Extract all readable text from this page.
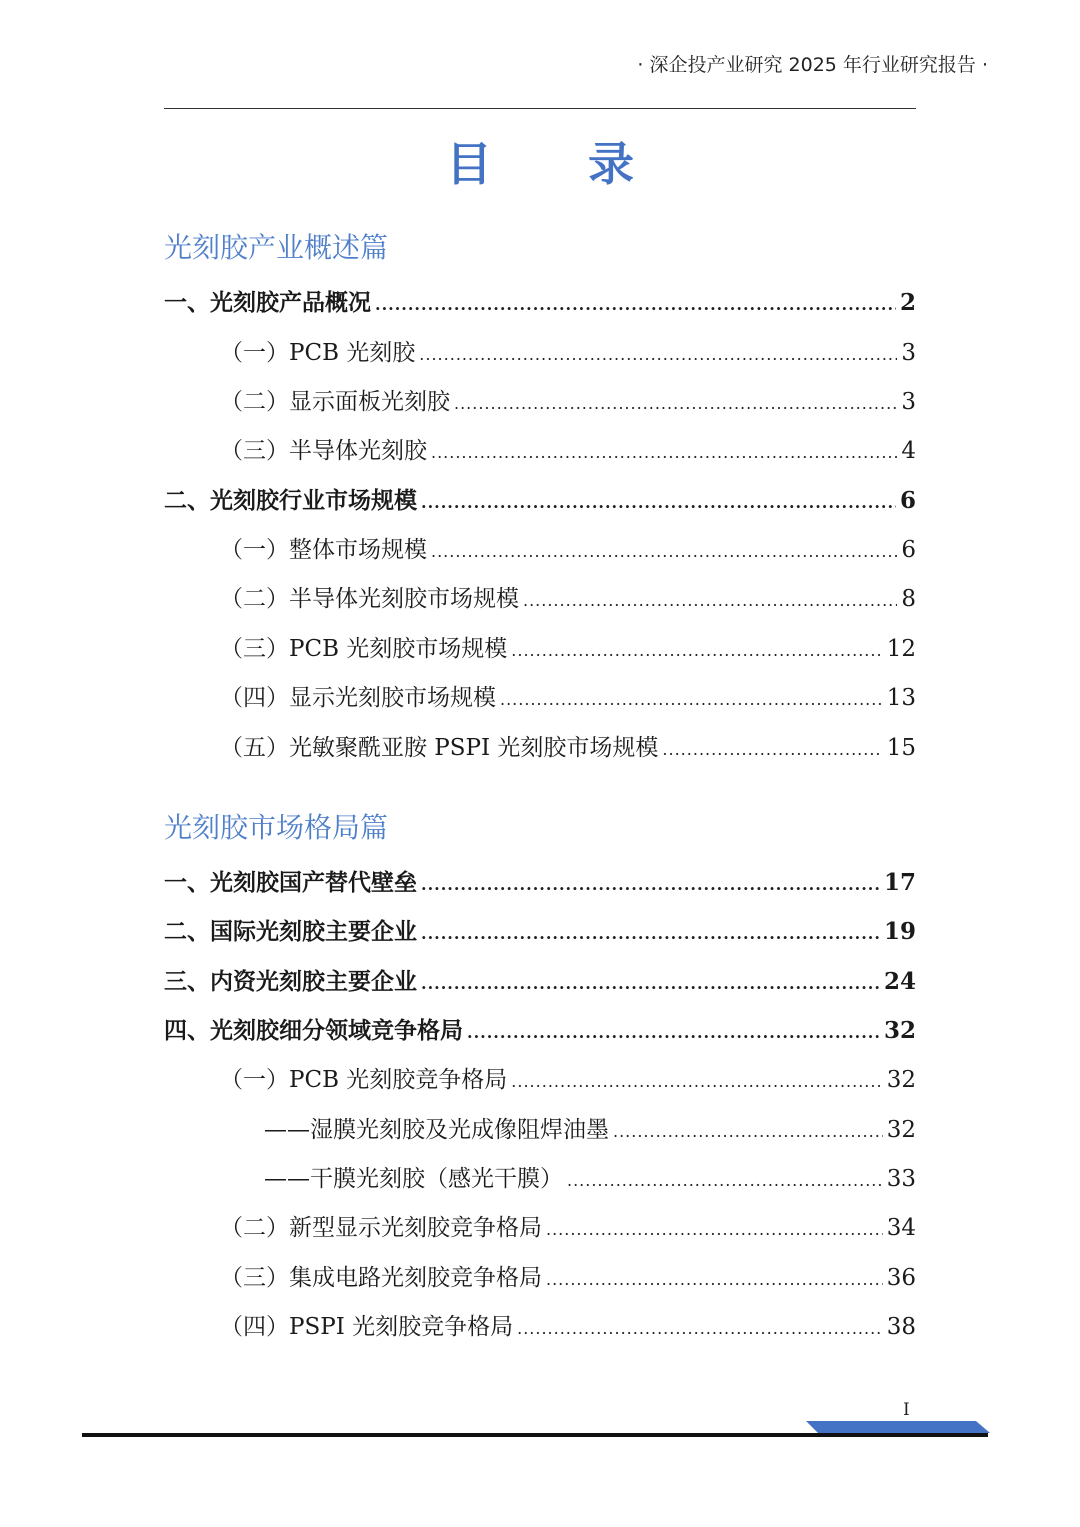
· 深企投产业研究 2025 年行业研究报告 ·
目 录
光刻胶产业概述篇
一、光刻胶产品概况 .....	2
（一）PCB 光刻胶 .....	3
（二）显示面板光刻胶 .....	3
（三）半导体光刻胶 .....	4
二、光刻胶行业市场规模 .....	6
（一）整体市场规模 .....	6
（二）半导体光刻胶市场规模 .....	8
（三）PCB 光刻胶市场规模 .....	12
（四）显示光刻胶市场规模 .....	13
（五）光敏聚酰亚胺 PSPI 光刻胶市场规模 .....	15
光刻胶市场格局篇
一、光刻胶国产替代壁垒 .....	17
二、国际光刻胶主要企业 .....	19
三、内资光刻胶主要企业 .....	24
四、光刻胶细分领域竞争格局 .....	32
（一）PCB 光刻胶竞争格局 .....	32
——湿膜光刻胶及光成像阻焊油墨 .....	32
——干膜光刻胶（感光干膜） .....	33
（二）新型显示光刻胶竞争格局 .....	34
（三）集成电路光刻胶竞争格局 .....	36
（四）PSPI 光刻胶竞争格局 .....	38
I
